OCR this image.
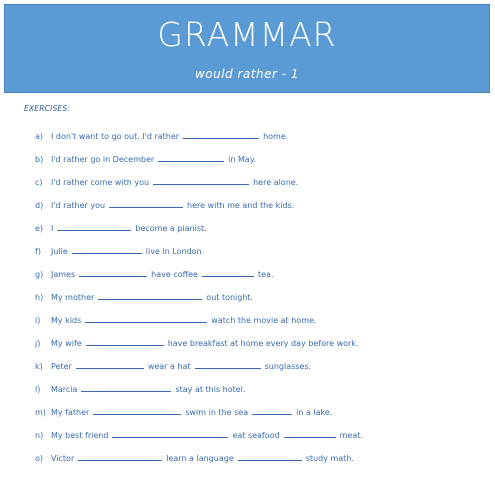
GRAMMAR
would rather - 1
EXERCISES:
a) I don't want to go out. I'd rather	home.
b) I'd rather go in December	in May.
c)	I'd rather come with you	here alone.
d) I'd rather you	here with me and the kids.
e) I	become a pianist.
f)	Julie	live in London.
g) James	have coffee	tea.
h) My mother	out tonight.
i)	My kids	watch the movie at home.
j)	My wife	have breakfast at home every day before work.
k)	Peter	wear a hat	sunglasses.
l)	Marcia	stay at this hotel.
m) My father	swim in the sea	in a lake.
n) My best friend	eat seafood	meat.
o) Victor	learn a language	study math.
